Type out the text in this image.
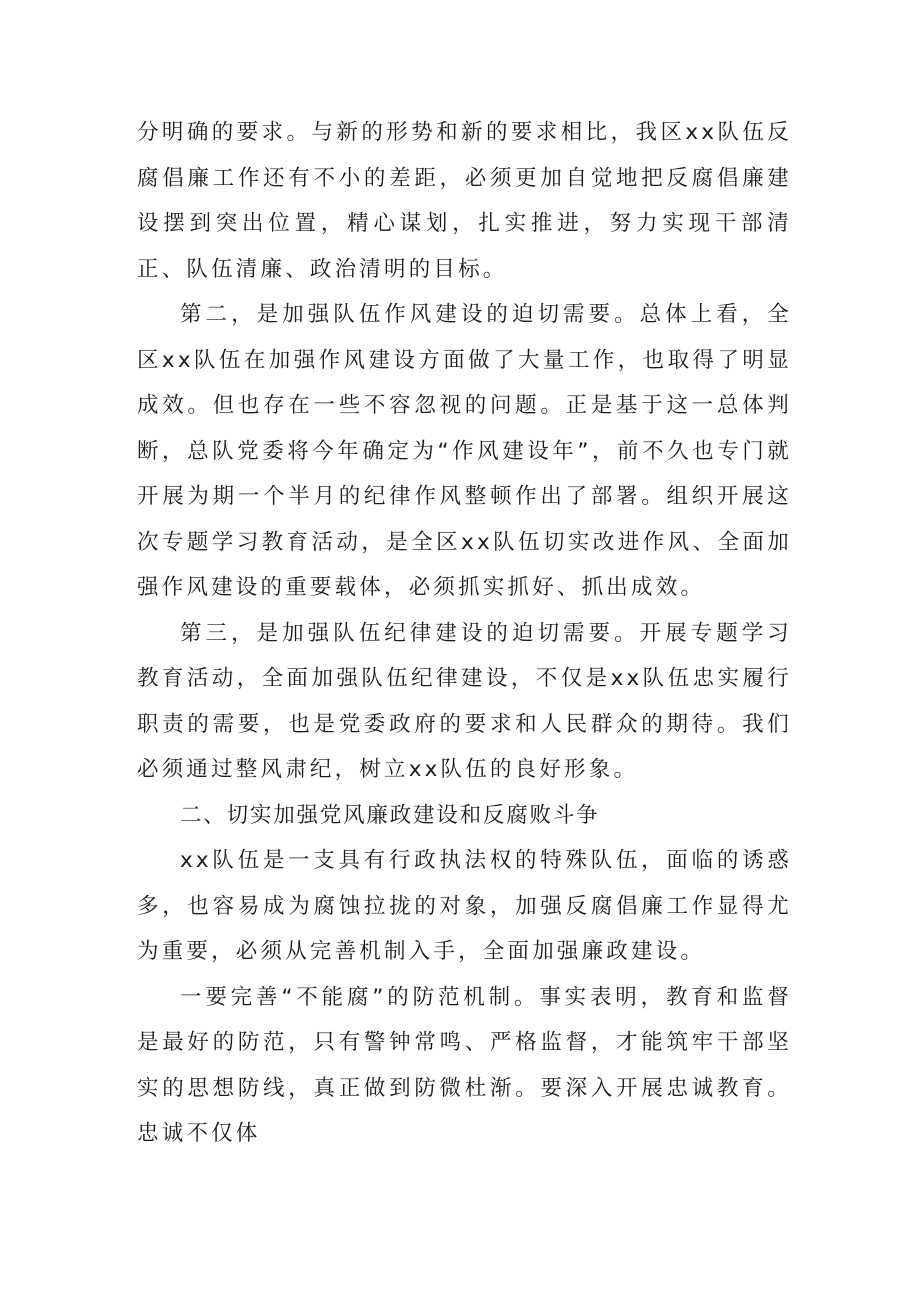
分明确的要求。与新的形势和新的要求相比，我区xx队伍反腐倡廉工作还有不小的差距，必须更加自觉地把反腐倡廉建设摆到突出位置，精心谋划，扎实推进，努力实现干部清正、队伍清廉、政治清明的目标。

第二，是加强队伍作风建设的迫切需要。总体上看，全区xx队伍在加强作风建设方面做了大量工作，也取得了明显成效。但也存在一些不容忽视的问题。正是基于这一总体判断，总队党委将今年确定为“作风建设年”，前不久也专门就开展为期一个半月的纪律作风整顿作出了部署。组织开展这次专题学习教育活动，是全区xx队伍切实改进作风、全面加强作风建设的重要载体，必须抓实抓好、抓出成效。

第三，是加强队伍纪律建设的迫切需要。开展专题学习教育活动，全面加强队伍纪律建设，不仅是xx队伍忠实履行职责的需要，也是党委政府的要求和人民群众的期待。我们必须通过整风肃纪，树立xx队伍的良好形象。

二、切实加强党风廉政建设和反腐败斗争

xx队伍是一支具有行政执法权的特殊队伍，面临的诱惑多，也容易成为腐蚀拉拢的对象，加强反腐倡廉工作显得尤为重要，必须从完善机制入手，全面加强廉政建设。

一要完善“不能腐”的防范机制。事实表明，教育和监督是最好的防范，只有警钟常鸣、严格监督，才能筑牢干部坚实的思想防线，真正做到防微杜渐。要深入开展忠诚教育。忠诚不仅体
